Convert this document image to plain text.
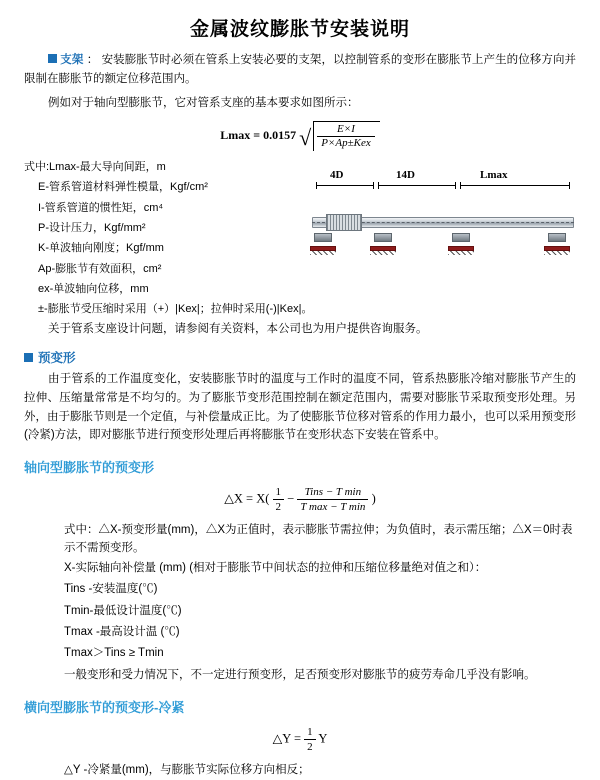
金属波纹膨胀节安装说明

支架 ： 安装膨胀节时必须在管系上安装必要的支架，以控制管系的变形在膨胀节上产生的位移方向并限制在膨胀节的额定位移范围内。

例如对于轴向型膨胀节，它对管系支座的基本要求如图所示：

Lmax = 0.0157 √ $\frac{E\times I}{\text{P×Ap±Kex}}$
式中:Lmax-最大导向间距，m
E-管系管道材料弹性模量，Kgf/cm²
I-管系管道的惯性矩，cm⁴
P-设计压力，Kgf/mm²
K-单波轴向刚度；Kgf/mm
Ap-膨胀节有效面积，cm²
ex-单波轴向位移，mm
±-膨胀节受压缩时采用（+）|Kex|；拉伸时采用(-)|Kex|。
4D	14D	Lmax

关于管系支座设计问题，请参阅有关资料，本公司也为用户提供咨询服务。

预变形

由于管系的工作温度变化，安装膨胀节时的温度与工作时的温度不同，管系热膨胀冷缩对膨胀节产生的拉伸、压缩量常常是不均匀的。为了膨胀节变形范围控制在额定范围内，需要对膨胀节采取预变形处理。另外，由于膨胀节则是一个定值，与补偿量成正比。为了使膨胀节位移对管系的作用力最小，也可以采用预变形(冷紧)方法，即对膨胀节进行预变形处理后再将膨胀节在变形状态下安装在管系中。

轴向型膨胀节的预变形
△X = $X( \frac{1}{2} - \frac{\text{Tins − T min}}{\text{T max − T min}}$ )

式中：△X-预变形量(mm)，△X为正值时，表示膨胀节需拉伸；为负值时，表示需压缩；△X＝0时表示不需预变形。

X-实际轴向补偿量 (mm) (相对于膨胀节中间状态的拉伸和压缩位移量绝对值之和）：
Tins -安装温度(℃)
Tmin-最低设计温度(℃)
Tmax -最高设计温 (℃)
Tmax＞Tins ≥ Tmin

一般变形和受力情况下，不一定进行预变形，足否预变形对膨胀节的疲劳寿命几乎没有影响。

横向型膨胀节的预变形-冷紧
△Y = $\frac{1}{2}$ Y

△Y -冷紧量(mm)，与膨胀节实际位移方向相反；
